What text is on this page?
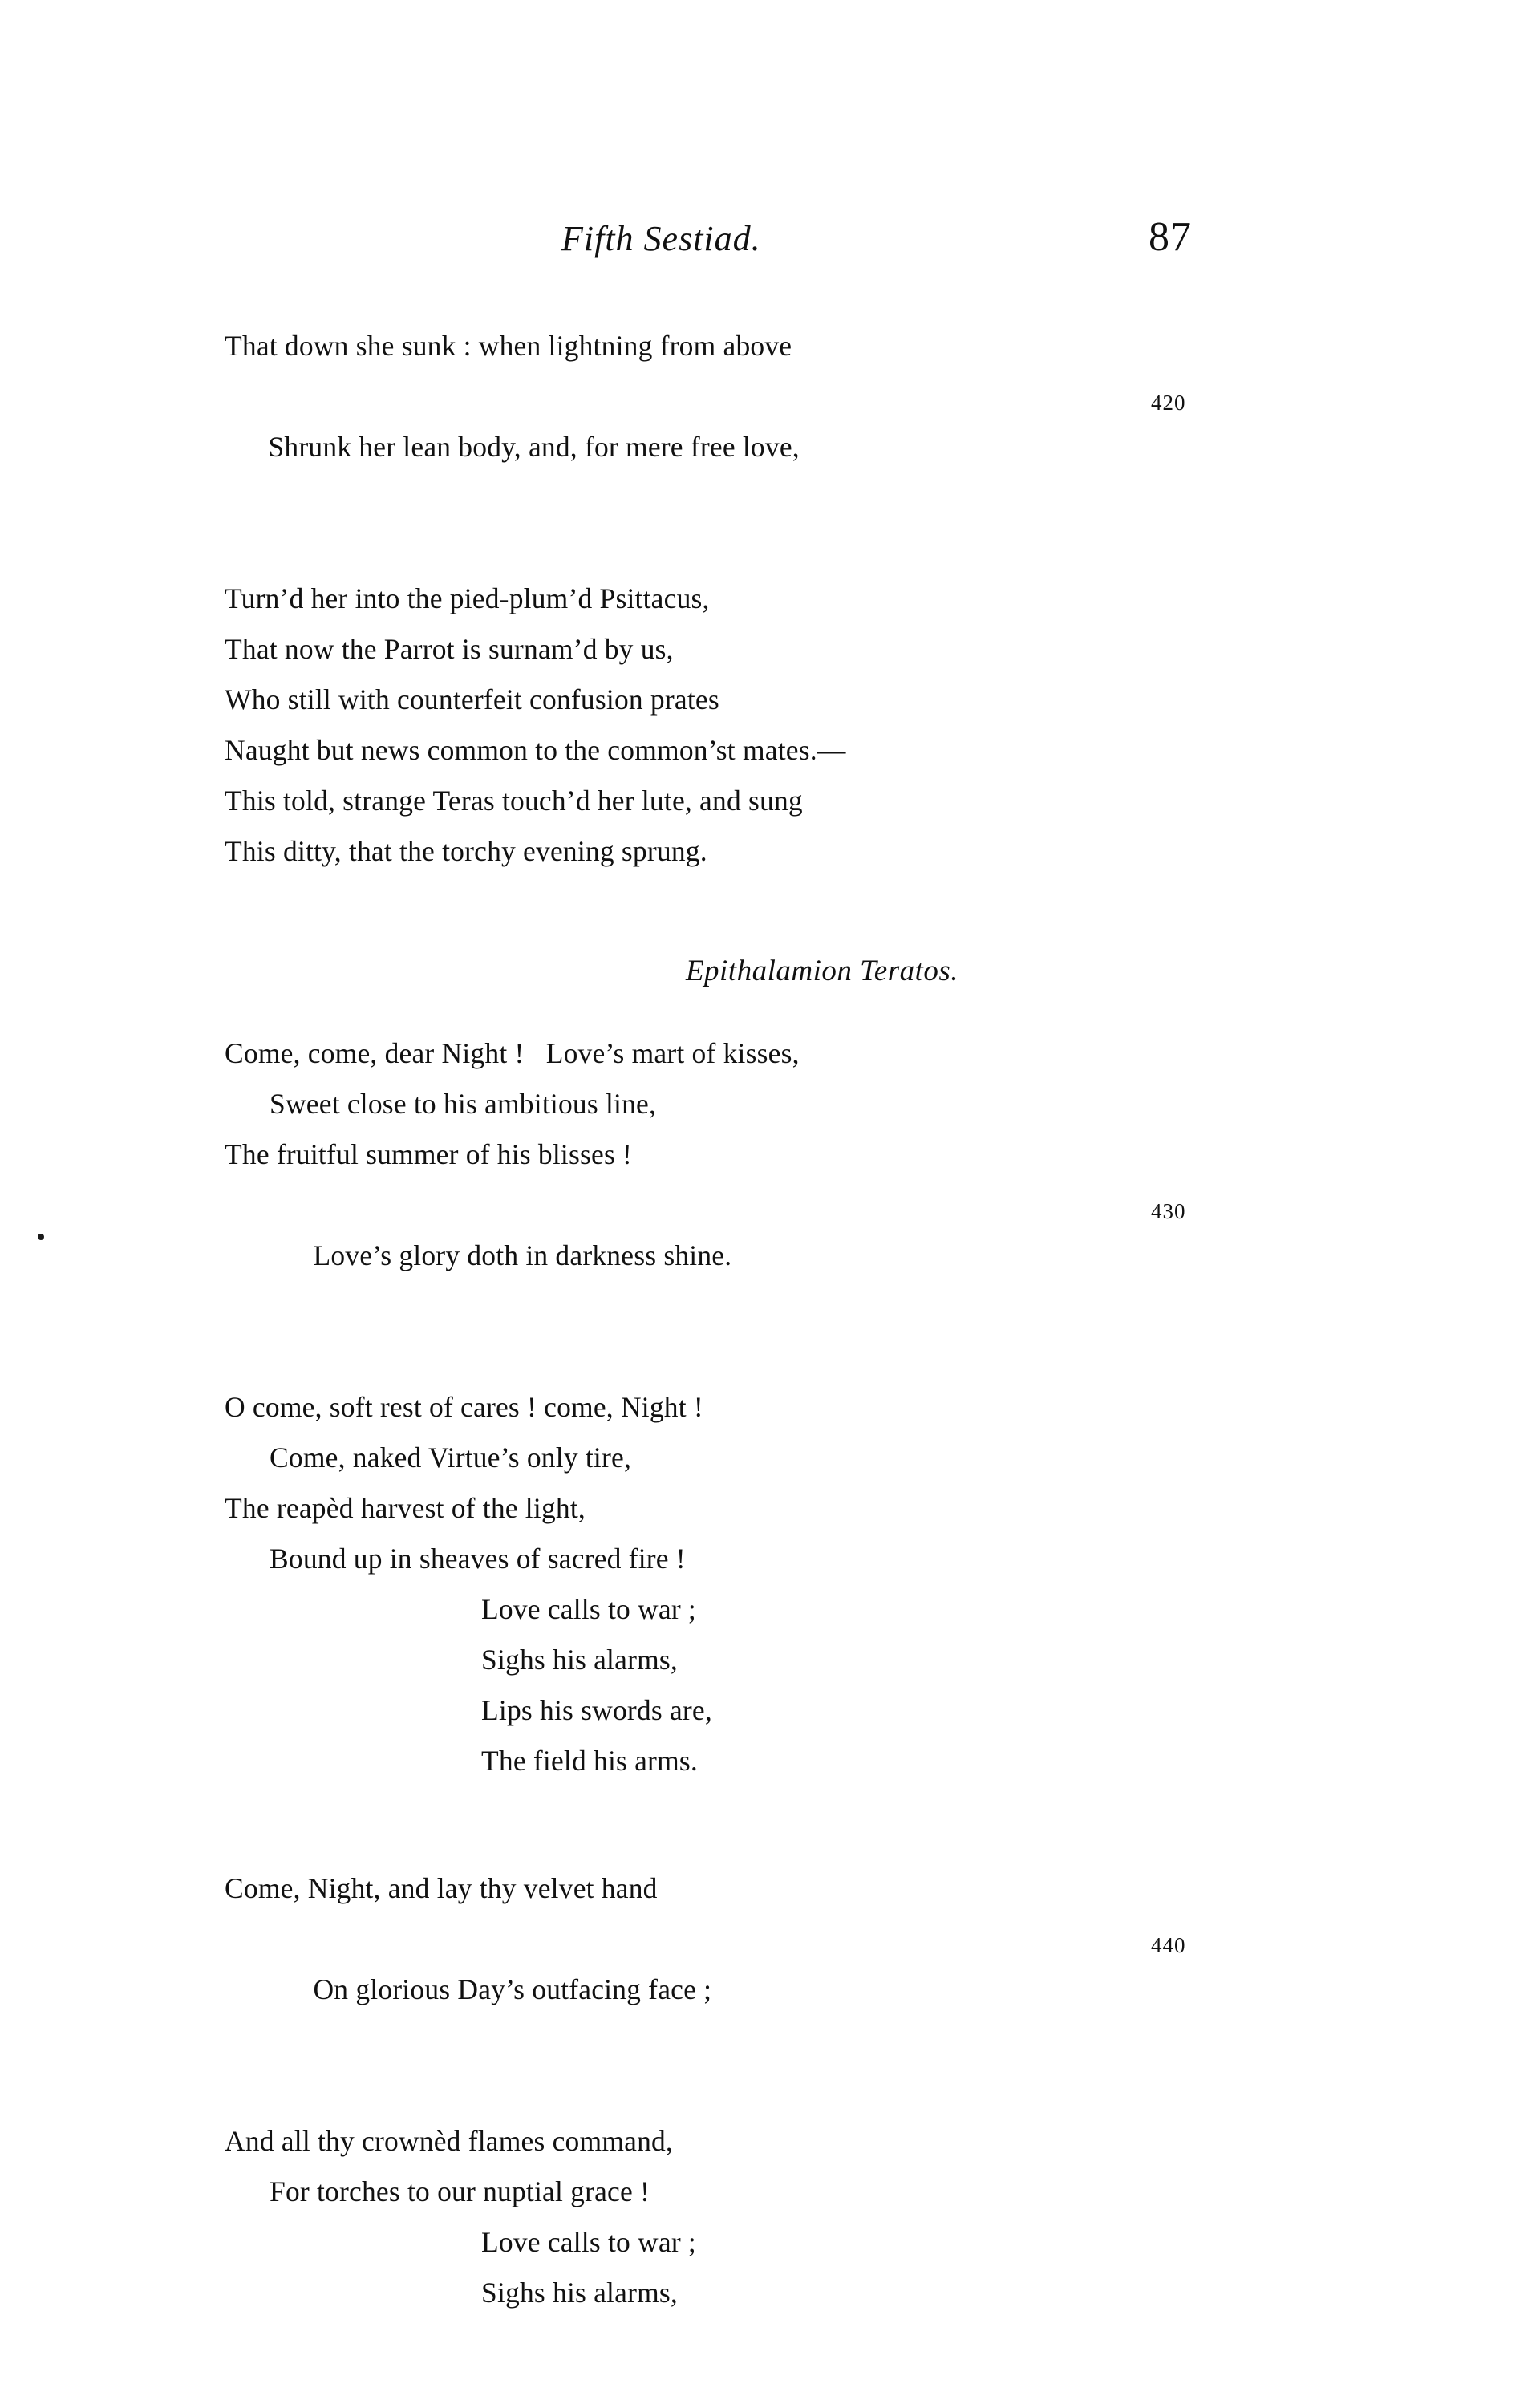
Fifth Sestiad.	87
That down she sunk : when lightning from above

Shrunk her lean body, and, for mere free love,

420

Turn’d her into the pied-plum’d Psittacus,
That now the Parrot is surnam’d by us,
Who still with counterfeit confusion prates
Naught but news common to the common’st mates.—
This told, strange Teras touch’d her lute, and sung
This ditty, that the torchy evening sprung.
Epithalamion Teratos.
Come, come, dear Night !   Love’s mart of kisses,
Sweet close to his ambitious line,
The fruitful summer of his blisses !

Love’s glory doth in darkness shine.

430

O come, soft rest of cares ! come, Night !
Come, naked Virtue’s only tire,
The reapèd harvest of the light,
Bound up in sheaves of sacred fire !
Love calls to war ;
Sighs his alarms,
Lips his swords are,
The field his arms.
Come, Night, and lay thy velvet hand

On glorious Day’s outfacing face ;

440

And all thy crownèd flames command,
For torches to our nuptial grace !
Love calls to war ;
Sighs his alarms,
